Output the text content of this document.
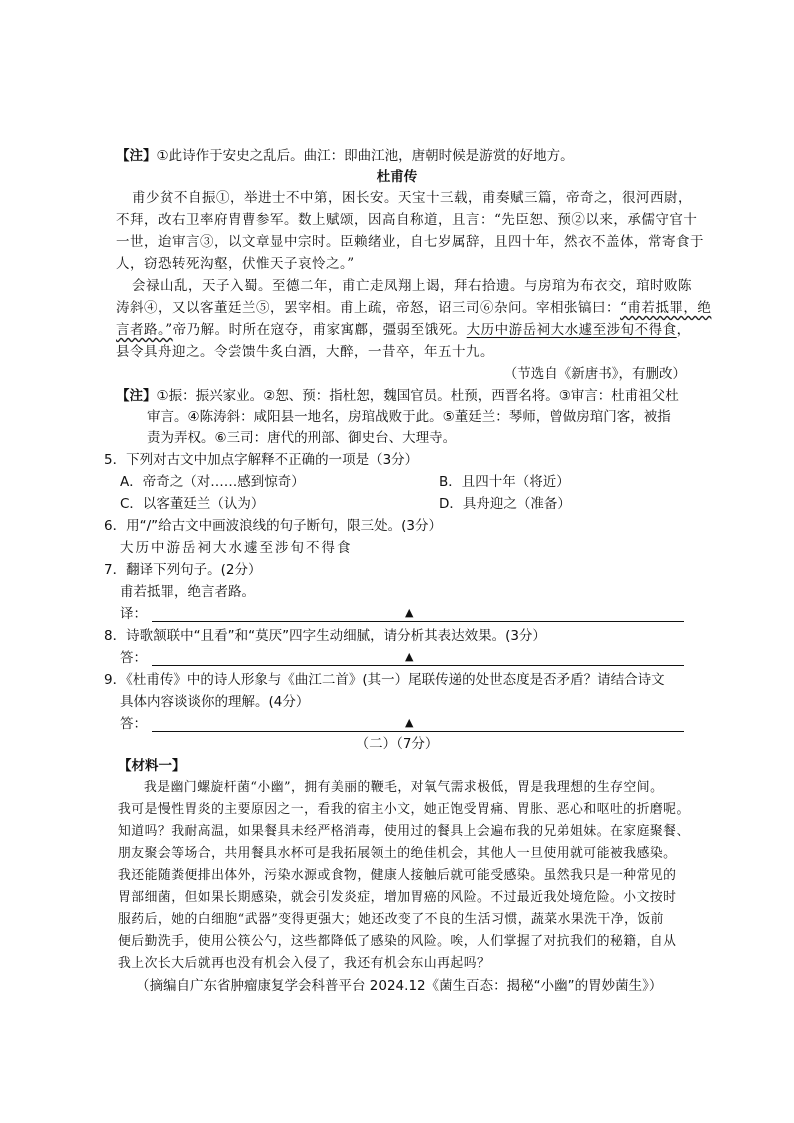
【注】①此诗作于安史之乱后。曲江：即曲江池，唐朝时候是游赏的好地方。
杜甫传
甫少贫不自振①，举进士不中第，困长安。天宝十三载，甫奏赋三篇，帝奇之，很河西尉，
不拜，改右卫率府胄曹参军。数上赋颂，因高自称道，且言：“先臣恕、预②以来，承儒守官十
一世，迨审言③，以文章显中宗时。臣赖绪业，自七岁属辞，且四十年，然衣不盖体，常寄食于
人，窃恐转死沟壑，伏惟天子哀怜之。”
会禄山乱，天子入蜀。至德二年，甫亡走凤翔上谒，拜右拾遗。与房琯为布衣交，琯时败陈
涛斜④，又以客董廷兰⑤，罢宰相。甫上疏，帝怒，诏三司⑥杂问。宰相张镐曰：“甫若抵罪，绝
言者路。”帝乃解。时所在寇夺，甫家寓鄜，彊弱至饿死。大历中游岳祠大水遽至涉旬不得食，
县令具舟迎之。令尝馈牛炙白酒，大醉，一昔卒，年五十九。
（节选自《新唐书》，有删改）
【注】①振：振兴家业。②恕、预：指杜恕，魏国官员。杜预，西晋名将。③审言：杜甫祖父杜
审言。④陈涛斜：咸阳县一地名，房琯战败于此。⑤董廷兰：琴师，曾做房琯门客，被指
责为弄权。⑥三司：唐代的刑部、御史台、大理寺。
5．下列对古文中加点字解释不正确的一项是（3分）
A．帝奇之（对……感到惊奇）	B．且四十年（将近）
C．以客董廷兰（认为）	D．具舟迎之（准备）
6．用“/”给古文中画波浪线的句子断句，限三处。(3分）
大历中游岳祠大水遽至涉旬不得食
7．翻译下列句子。(2分）
甫若抵罪，绝言者路。
译：	▲
8．诗歌颔联中“且看”和“莫厌”四字生动细腻，请分析其表达效果。(3分）
答：	▲
9．《杜甫传》中的诗人形象与《曲江二首》(其一）尾联传递的处世态度是否矛盾？请结合诗文
具体内容谈谈你的理解。(4分）
答：	▲
（二）（7分）
【材料一】
我是幽门螺旋杆菌“小幽”，拥有美丽的鞭毛，对氧气需求极低，胃是我理想的生存空间。
我可是慢性胃炎的主要原因之一，看我的宿主小文，她正饱受胃痛、胃胀、恶心和呕吐的折磨呢。
知道吗？我耐高温，如果餐具未经严格消毒，使用过的餐具上会遍布我的兄弟姐妹。在家庭聚餐、
朋友聚会等场合，共用餐具水杯可是我拓展领土的绝佳机会，其他人一旦使用就可能被我感染。
我还能随粪便排出体外，污染水源或食物，健康人接触后就可能受感染。虽然我只是一种常见的
胃部细菌，但如果长期感染，就会引发炎症，增加胃癌的风险。不过最近我处境危险。小文按时
服药后，她的白细胞“武器”变得更强大；她还改变了不良的生活习惯，蔬菜水果洗干净，饭前
便后勤洗手，使用公筷公勺，这些都降低了感染的风险。唉，人们掌握了对抗我们的秘籍，自从
我上次长大后就再也没有机会入侵了，我还有机会东山再起吗？
（摘编自广东省肿瘤康复学会科普平台 2024.12《菌生百态：揭秘“小幽”的胃妙菌生》）
